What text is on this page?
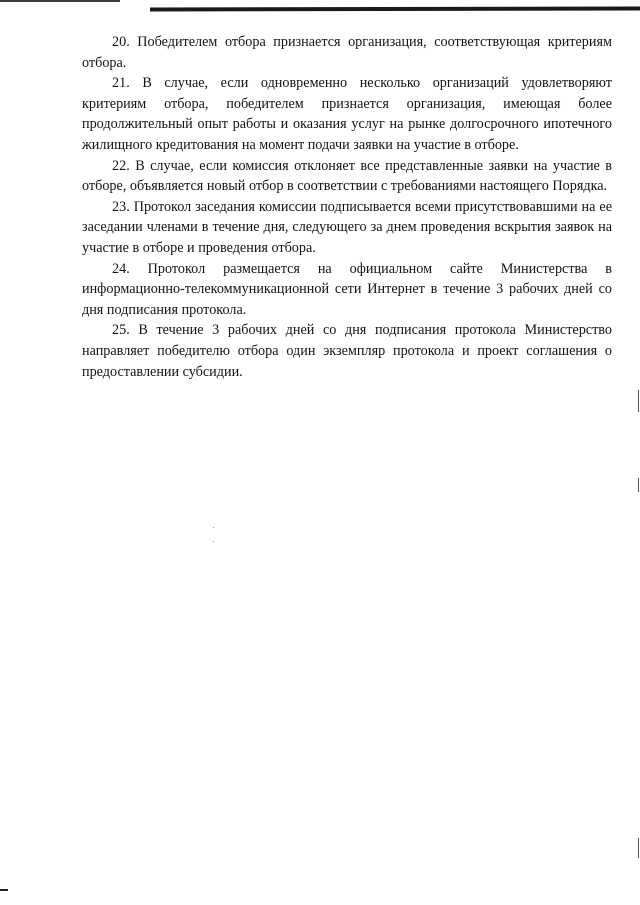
20. Победителем отбора признается организация, соответствующая критериям отбора.

21. В случае, если одновременно несколько организаций удовлетворяют критериям отбора, победителем признается организация, имеющая более продолжительный опыт работы и оказания услуг на рынке долгосрочного ипотечного жилищного кредитования на момент подачи заявки на участие в отборе.

22. В случае, если комиссия отклоняет все представленные заявки на участие в отборе, объявляется новый отбор в соответствии с требованиями настоящего Порядка.

23. Протокол заседания комиссии подписывается всеми присутствовавшими на ее заседании членами в течение дня, следующего за днем проведения вскрытия заявок на участие в отборе и проведения отбора.

24. Протокол размещается на официальном сайте Министерства в информационно-телекоммуникационной сети Интернет в течение 3 рабочих дней со дня подписания протокола.

25. В течение 3 рабочих дней со дня подписания протокола Министерство направляет победителю отбора один экземпляр протокола и проект соглашения о предоставлении субсидии.
